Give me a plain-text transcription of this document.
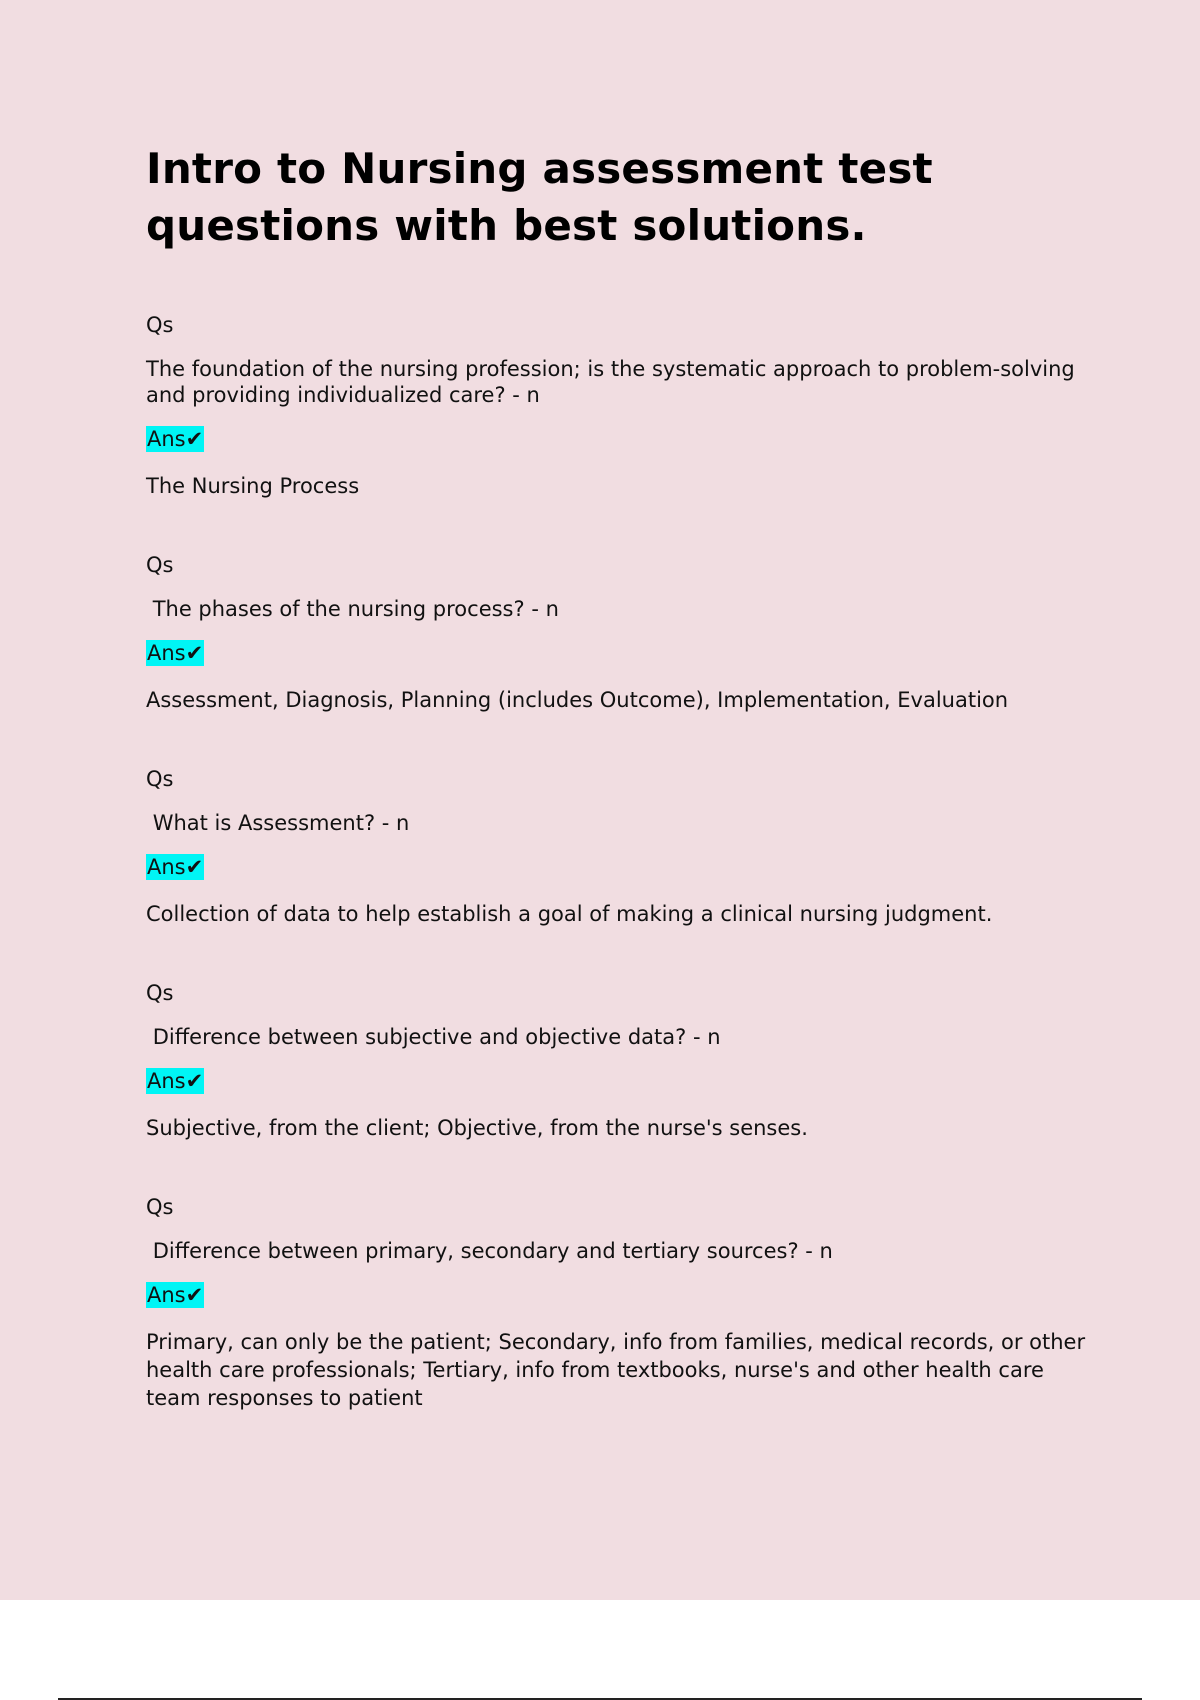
Intro to Nursing assessment test questions with best solutions.
Qs
The foundation of the nursing profession; is the systematic approach to problem-solving and providing individualized care? - n
Ans✔
The Nursing Process
Qs
The phases of the nursing process? - n
Ans✔
Assessment, Diagnosis, Planning (includes Outcome), Implementation, Evaluation
Qs
What is Assessment? - n
Ans✔
Collection of data to help establish a goal of making a clinical nursing judgment.
Qs
Difference between subjective and objective data? - n
Ans✔
Subjective, from the client; Objective, from the nurse's senses.
Qs
Difference between primary, secondary and tertiary sources? - n
Ans✔
Primary, can only be the patient; Secondary, info from families, medical records, or other health care professionals; Tertiary, info from textbooks, nurse's and other health care team responses to patient
